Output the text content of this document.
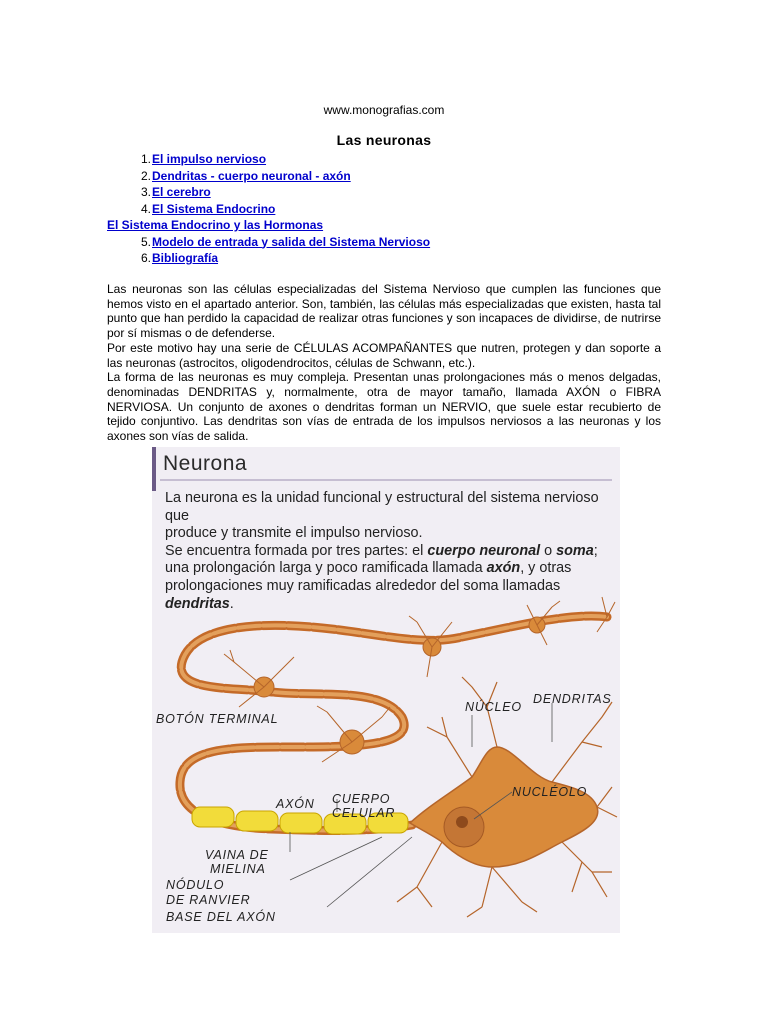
www.monografias.com
Las neuronas
1. El impulso nervioso
2. Dendritas - cuerpo neuronal - axón
3. El cerebro
4. El Sistema Endocrino
El Sistema Endocrino y las Hormonas
5. Modelo de entrada y salida del Sistema Nervioso
6. Bibliografía

Las neuronas son las células especializadas del Sistema Nervioso que cumplen las funciones que hemos visto en el apartado anterior. Son, también, las células más especializadas que existen, hasta tal punto que han perdido la capacidad de realizar otras funciones y son incapaces de dividirse, de nutrirse por sí mismas o de defenderse.

Por este motivo hay una serie de CÉLULAS ACOMPAÑANTES que nutren, protegen y dan soporte a las neuronas (astrocitos, oligodendrocitos, células de Schwann, etc.).

La forma de las neuronas es muy compleja. Presentan unas prolongaciones más o menos delgadas, denominadas DENDRITAS y, normalmente, otra de mayor tamaño, llamada AXÓN o FIBRA NERVIOSA. Un conjunto de axones o dendritas forman un NERVIO, que suele estar recubierto de tejido conjuntivo. Las dendritas son vías de entrada de los impulsos nerviosos a las neuronas y los axones son vías de salida.

Neurona
La neurona es la unidad funcional y estructural del sistema nervioso que
produce y transmite el impulso nervioso.
Se encuentra formada por tres partes: el cuerpo neuronal o soma;
una prolongación larga y poco ramificada llamada axón, y otras
prolongaciones muy ramificadas alrededor del soma llamadas
dendritas.
BOTÓN TERMINAL
NÚCLEO
DENDRITAS
AXÓN CUERPO
CELULAR
NUCLÉOLO
VAINA DE
MIELINA
NÓDULO
DE RANVIER
BASE DEL AXÓN
